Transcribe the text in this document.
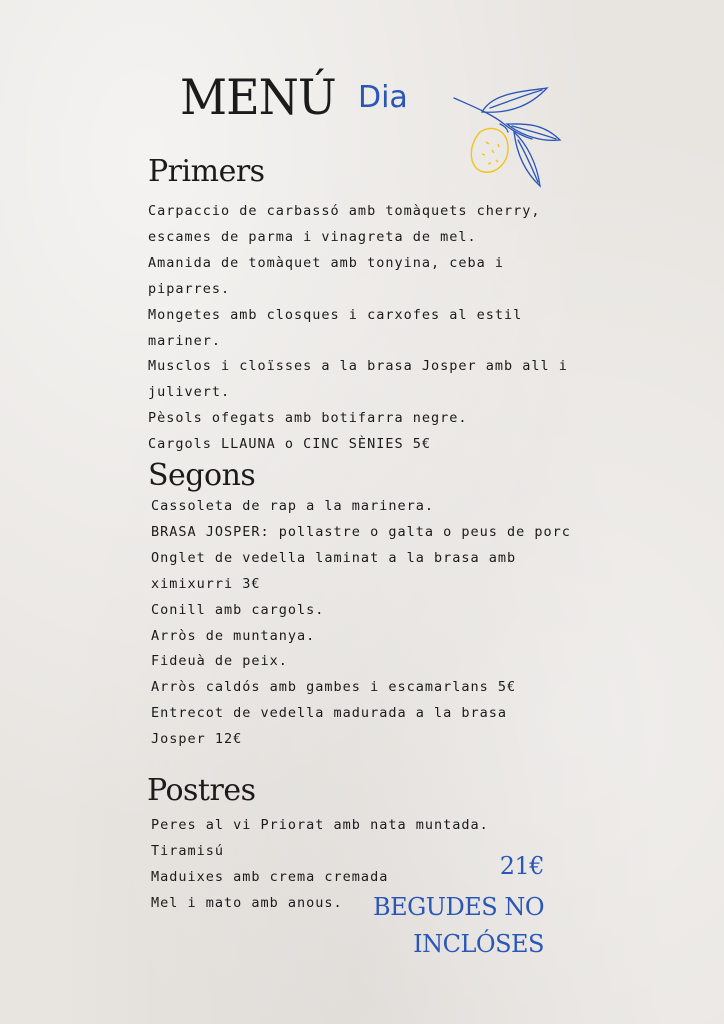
MENÚ Dia
Primers
Carpaccio de carbassó amb tomàquets cherry,
escames de parma i vinagreta de mel.
Amanida de tomàquet amb tonyina, ceba i
piparres.
Mongetes amb closques i carxofes al estil
mariner.
Musclos i cloïsses a la brasa Josper amb all i
julivert.
Pèsols ofegats amb botifarra negre.
Cargols LLAUNA o CINC SÈNIES 5€
Segons
Cassoleta de rap a la marinera.
BRASA JOSPER: pollastre o galta o peus de porc
Onglet de vedella laminat a la brasa amb
ximixurri 3€
Conill amb cargols.
Arròs de muntanya.
Fideuà de peix.
Arròs caldós amb gambes i escamarlans 5€
Entrecot de vedella madurada a la brasa
Josper 12€
Postres
Peres al vi Priorat amb nata muntada.
Tiramisú
Maduixes amb crema cremada
Mel i mato amb anous.
21€
BEGUDES NO
INCLÓSES
